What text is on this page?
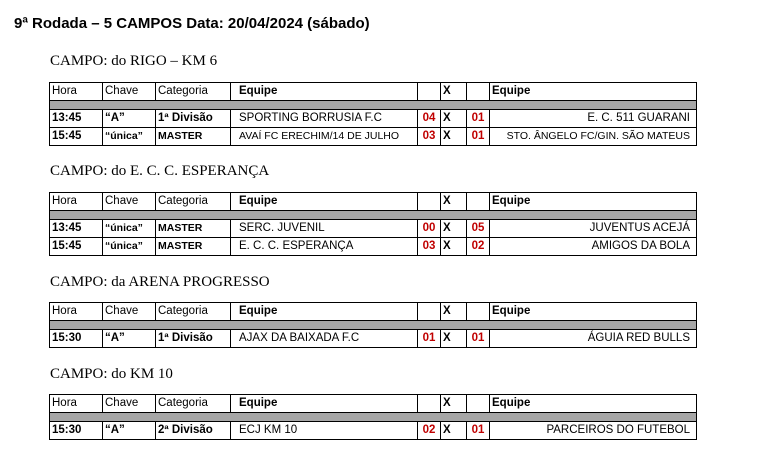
9ª Rodada – 5 CAMPOS Data: 20/04/2024 (sábado)
CAMPO: do RIGO – KM 6
Hora	Chave	Categoria	Equipe		X		Equipe

13:45	“A”	1ª Divisão	SPORTING BORRUSIA F.C	04	X	01	E. C. 511 GUARANI
15:45	“única”	MASTER	AVAÍ FC ERECHIM/14 DE JULHO	03	X	01	STO. ÂNGELO FC/GIN. SÃO MATEUS
CAMPO: do E. C. C. ESPERANÇA
Hora	Chave	Categoria	Equipe		X		Equipe

13:45	“única”	MASTER	SERC. JUVENIL	00	X	05	JUVENTUS ACEJÁ
15:45	“única”	MASTER	E. C. C. ESPERANÇA	03	X	02	AMIGOS DA BOLA
CAMPO: da ARENA PROGRESSO
Hora	Chave	Categoria	Equipe		X		Equipe

15:30	“A”	1ª Divisão	AJAX DA BAIXADA F.C	01	X	01	ÁGUIA RED BULLS
CAMPO: do KM 10
Hora	Chave	Categoria	Equipe		X		Equipe

15:30	“A”	2ª Divisão	ECJ KM 10	02	X	01	PARCEIROS DO FUTEBOL
